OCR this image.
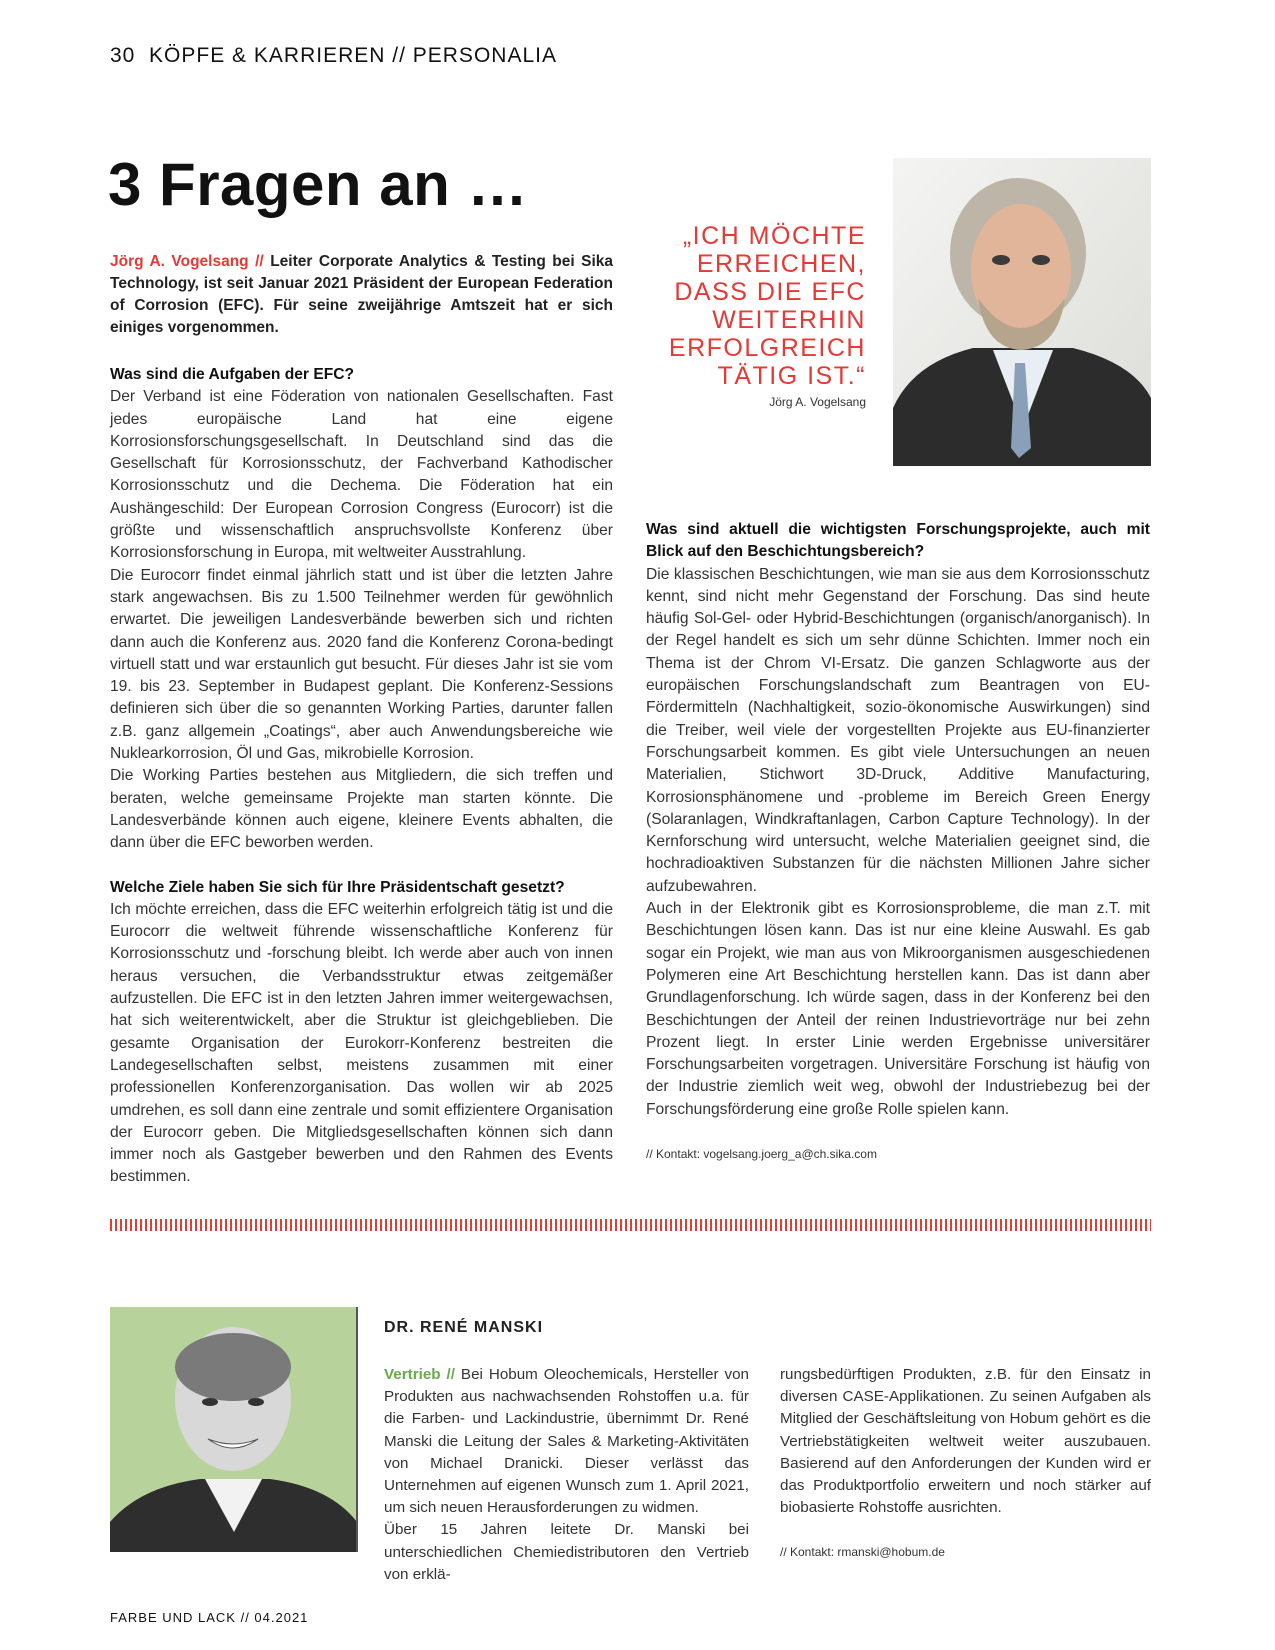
30 KÖPFE & KARRIEREN // PERSONALIA
3 Fragen an …
Jörg A. Vogelsang // Leiter Corporate Analytics & Testing bei Sika Technology, ist seit Januar 2021 Präsident der European Federation of Corrosion (EFC). Für seine zweijährige Amtszeit hat er sich einiges vorgenommen.
„ICH MÖCHTE ERREICHEN, DASS DIE EFC WEITERHIN ERFOLGREICH TÄTIG IST.“
Jörg A. Vogelsang

Was sind die Aufgaben der EFC?

Der Verband ist eine Föderation von nationalen Gesellschaften. Fast jedes europäische Land hat eine eigene Korrosionsforschungsgesellschaft. In Deutschland sind das die Gesellschaft für Korrosionsschutz, der Fachverband Kathodischer Korrosionsschutz und die Dechema. Die Föderation hat ein Aushängeschild: Der European Corrosion Congress (Eurocorr) ist die größte und wissenschaftlich anspruchsvollste Konferenz über Korrosionsforschung in Europa, mit weltweiter Ausstrahlung.

Die Eurocorr findet einmal jährlich statt und ist über die letzten Jahre stark angewachsen. Bis zu 1.500 Teilnehmer werden für gewöhnlich erwartet. Die jeweiligen Landesverbände bewerben sich und richten dann auch die Konferenz aus. 2020 fand die Konferenz Corona-bedingt virtuell statt und war erstaunlich gut besucht. Für dieses Jahr ist sie vom 19. bis 23. September in Budapest geplant. Die Konferenz-Sessions definieren sich über die so genannten Working Parties, darunter fallen z.B. ganz allgemein „Coatings“, aber auch Anwendungsbereiche wie Nuklearkorrosion, Öl und Gas, mikrobielle Korrosion.

Die Working Parties bestehen aus Mitgliedern, die sich treffen und beraten, welche gemeinsame Projekte man starten könnte. Die Landesverbände können auch eigene, kleinere Events abhalten, die dann über die EFC beworben werden.

Welche Ziele haben Sie sich für Ihre Präsidentschaft gesetzt?

Ich möchte erreichen, dass die EFC weiterhin erfolgreich tätig ist und die Eurocorr die weltweit führende wissenschaftliche Konferenz für Korrosionsschutz und -forschung bleibt. Ich werde aber auch von innen heraus versuchen, die Verbandsstruktur etwas zeitgemäßer aufzustellen. Die EFC ist in den letzten Jahren immer weitergewachsen, hat sich weiterentwickelt, aber die Struktur ist gleichgeblieben. Die gesamte Organisation der Eurokorr-Konferenz bestreiten die Landegesellschaften selbst, meistens zusammen mit einer professionellen Konferenzorganisation. Das wollen wir ab 2025 umdrehen, es soll dann eine zentrale und somit effizientere Organisation der Eurocorr geben. Die Mitgliedsgesellschaften können sich dann immer noch als Gastgeber bewerben und den Rahmen des Events bestimmen.

Was sind aktuell die wichtigsten Forschungsprojekte, auch mit Blick auf den Beschichtungsbereich?

Die klassischen Beschichtungen, wie man sie aus dem Korrosionsschutz kennt, sind nicht mehr Gegenstand der Forschung. Das sind heute häufig Sol-Gel- oder Hybrid-Beschichtungen (organisch/anorganisch). In der Regel handelt es sich um sehr dünne Schichten. Immer noch ein Thema ist der Chrom VI-Ersatz. Die ganzen Schlagworte aus der europäischen Forschungslandschaft zum Beantragen von EU-Fördermitteln (Nachhaltigkeit, sozio-ökonomische Auswirkungen) sind die Treiber, weil viele der vorgestellten Projekte aus EU-finanzierter Forschungsarbeit kommen. Es gibt viele Untersuchungen an neuen Materialien, Stichwort 3D-Druck, Additive Manufacturing, Korrosionsphänomene und -probleme im Bereich Green Energy (Solaranlagen, Windkraftanlagen, Carbon Capture Technology). In der Kernforschung wird untersucht, welche Materialien geeignet sind, die hochradioaktiven Substanzen für die nächsten Millionen Jahre sicher aufzubewahren.

Auch in der Elektronik gibt es Korrosionsprobleme, die man z.T. mit Beschichtungen lösen kann. Das ist nur eine kleine Auswahl. Es gab sogar ein Projekt, wie man aus von Mikroorganismen ausgeschiedenen Polymeren eine Art Beschichtung herstellen kann. Das ist dann aber Grundlagenforschung. Ich würde sagen, dass in der Konferenz bei den Beschichtungen der Anteil der reinen Industrievorträge nur bei zehn Prozent liegt. In erster Linie werden Ergebnisse universitärer Forschungsarbeiten vorgetragen. Universitäre Forschung ist häufig von der Industrie ziemlich weit weg, obwohl der Industriebezug bei der Forschungsförderung eine große Rolle spielen kann.

// Kontakt: vogelsang.joerg_a@ch.sika.com

DR. RENÉ MANSKI
Vertrieb // Bei Hobum Oleochemicals, Hersteller von Produkten aus nachwachsenden Rohstoffen u.a. für die Farben- und Lackindustrie, übernimmt Dr. René Manski die Leitung der Sales & Marketing-Aktivitäten von Michael Dranicki. Dieser verlässt das Unternehmen auf eigenen Wunsch zum 1. April 2021, um sich neuen Herausforderungen zu widmen.
Über 15 Jahren leitete Dr. Manski bei unterschiedlichen Chemiedistributoren den Vertrieb von erklä-
rungsbedürftigen Produkten, z.B. für den Einsatz in diversen CASE-Applikationen. Zu seinen Aufgaben als Mitglied der Geschäftsleitung von Hobum gehört es die Vertriebstätigkeiten weltweit weiter auszubauen. Basierend auf den Anforderungen der Kunden wird er das Produktportfolio erweitern und noch stärker auf biobasierte Rohstoffe ausrichten.
// Kontakt: rmanski@hobum.de
FARBE UND LACK // 04.2021
